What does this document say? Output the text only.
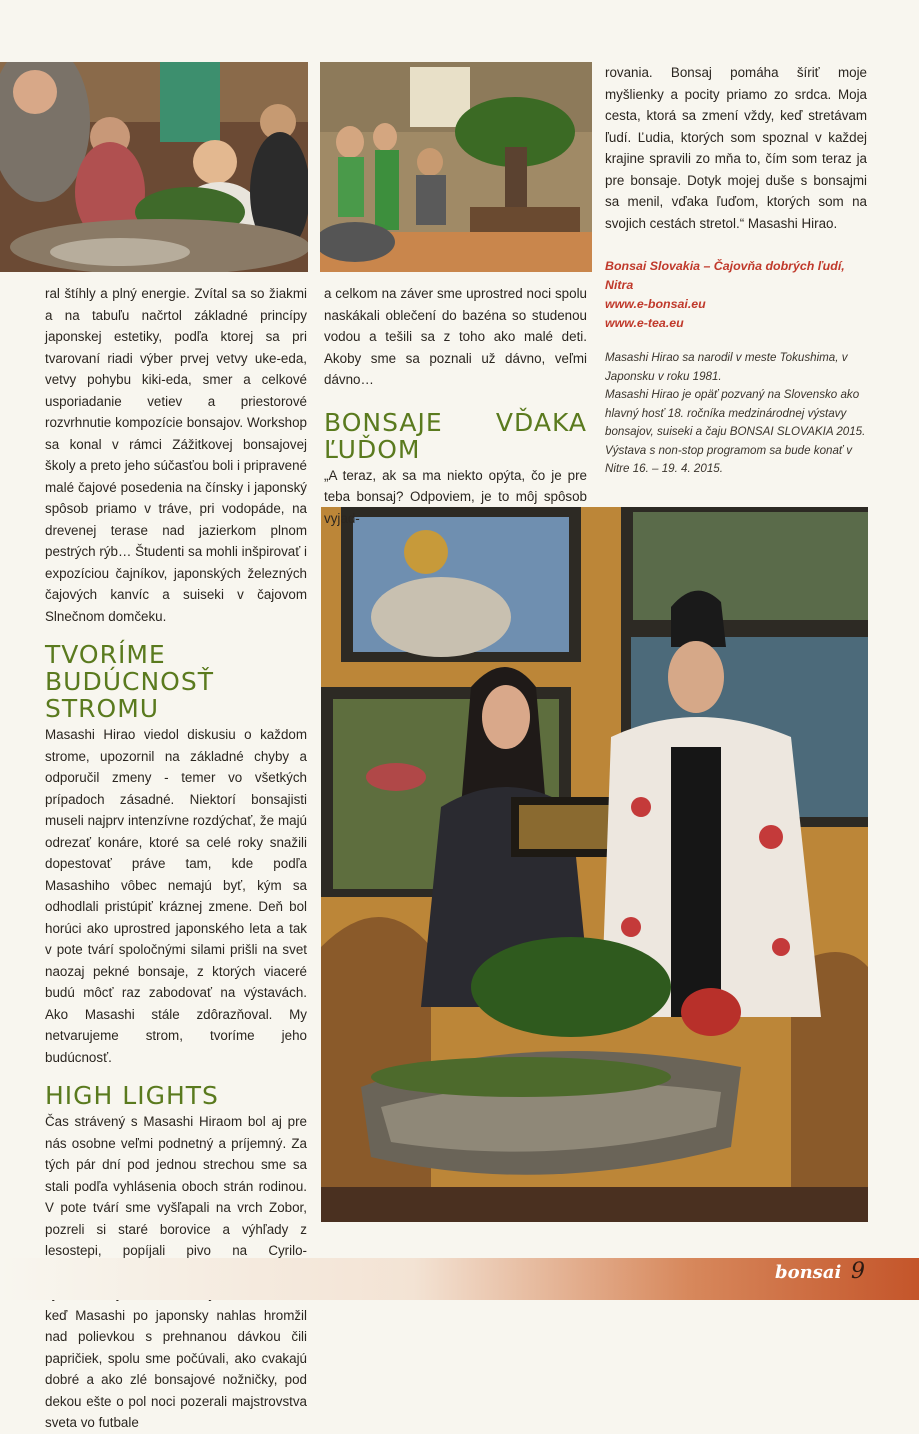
ral štíhly a plný energie. Zvítal sa so žiakmi a na tabuľu načrtol základné princípy japonskej estetiky, podľa ktorej sa pri tvarovaní riadi výber prvej vetvy uke-eda, vetvy pohybu kiki-eda, smer a celkové usporiadanie vetiev a priestorové rozvrhnutie kompozície bonsajov. Workshop sa konal v rámci Zážitkovej bonsajovej školy a preto jeho súčasťou boli i pripravené malé čajové posedenia na čínsky i japonský spôsob priamo v tráve, pri vodopáde, na drevenej terase nad jazierkom plnom pestrých rýb… Študenti sa mohli inšpirovať i expozíciou čajníkov, japonských železných čajových kanvíc a suiseki v čajovom Slnečnom domčeku.

TVORÍME BUDÚCNOSŤ STROMU

Masashi Hirao viedol diskusiu o každom strome, upozornil na základné chyby a odporučil zmeny - temer vo všetkých prípadoch zásadné. Niektorí bonsajisti museli najprv intenzívne rozdýchať, že majú odrezať konáre, ktoré sa celé roky snažili dopestovať práve tam, kde podľa Masashiho vôbec nemajú byť, kým sa odhodlali pristúpiť kráznej zmene. Deň bol horúci ako uprostred japonského leta a tak v pote tvárí spoločnými silami prišli na svet naozaj pekné bonsaje, z ktorých viaceré budú môcť raz zabodovať na výstavách. Ako Masashi stále zdôrazňoval. My netvarujeme strom, tvoríme jeho budúcnosť.

HIGH LIGHTS

Čas strávený s Masashi Hiraom bol aj pre nás osobne veľmi podnetný a príjemný. Za tých pár dní pod jednou strechou sme sa stali podľa vyhlásenia oboch strán rodinou. V pote tvárí sme vyšľapali na vrch Zobor, pozreli si staré borovice a výhľady z lesostepi, popíjali pivo na Cyrilo- keď Masashi po japonsky nahlas hromžil nad polievkou s prehnanou dávkou čili papričiek, spolu sme počúvali, ako cvakajú dobré a ako zlé bonsajové nožničky, pod dekou ešte o pol noci pozerali majstrovstva sveta vo futbale

a celkom na záver sme uprostred noci spolu naskákali oblečení do bazéna so studenou vodou a tešili sa z toho ako malé deti. Akoby sme sa poznali už dávno, veľmi dávno…

BONSAJE VĎAKA ĽUĎOM

„A teraz, ak sa ma niekto opýta, čo je pre teba bonsaj? Odpoviem, je to môj spôsob vyjad-

rovania. Bonsaj pomáha šíriť moje myšlienky a pocity priamo zo srdca. Moja cesta, ktorá sa zmení vždy, keď stretávam ľudí. Ľudia, ktorých som spoznal v každej krajine spravili zo mňa to, čím som teraz ja pre bonsaje. Dotyk mojej duše s bonsajmi sa menil, vďaka ľuďom, ktorých som na svojich cestách stretol.“ Masashi Hirao.

Bonsai Slovakia – Čajovňa dobrých ľudí, Nitra
www.e-bonsai.eu
www.e-tea.eu
Masashi Hirao sa narodil v meste Tokushima, v Japonsku v roku 1981.
Masashi Hirao je opäť pozvaný na Slovensko ako hlavný hosť 18. ročníka medzinárodnej výstavy bonsajov, suiseki a čaju BONSAI SLOVAKIA 2015. Výstava s non-stop programom sa bude konať v Nitre 16. – 19. 4. 2015.
bonsai 9
